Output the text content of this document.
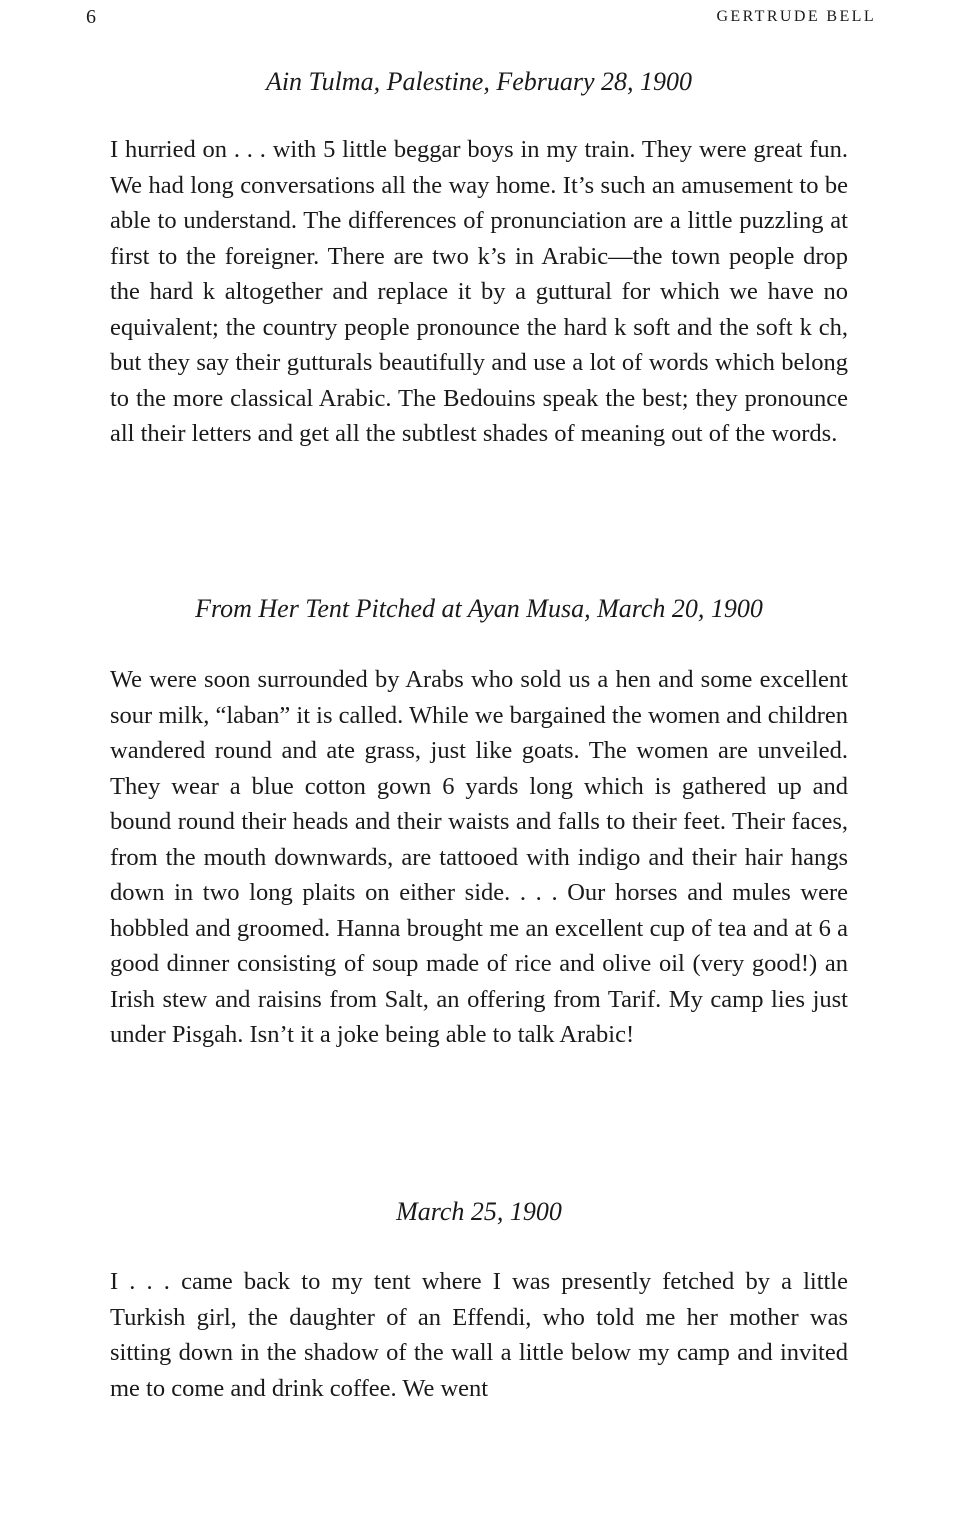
6	GERTRUDE BELL
Ain Tulma, Palestine, February 28, 1900

I hurried on . . . with 5 little beggar boys in my train. They were great fun. We had long conversations all the way home. It’s such an amusement to be able to understand. The differences of pronunciation are a little puzzling at first to the foreigner. There are two k’s in Arabic—the town people drop the hard k altogether and replace it by a guttural for which we have no equivalent; the country people pronounce the hard k soft and the soft k ch, but they say their gutturals beautifully and use a lot of words which belong to the more classical Arabic. The Bedouins speak the best; they pronounce all their letters and get all the subtlest shades of meaning out of the words.

From Her Tent Pitched at Ayan Musa, March 20, 1900

We were soon surrounded by Arabs who sold us a hen and some excellent sour milk, “laban” it is called. While we bargained the women and children wandered round and ate grass, just like goats. The women are unveiled. They wear a blue cotton gown 6 yards long which is gathered up and bound round their heads and their waists and falls to their feet. Their faces, from the mouth downwards, are tattooed with indigo and their hair hangs down in two long plaits on either side. . . . Our horses and mules were hobbled and groomed. Hanna brought me an excellent cup of tea and at 6 a good dinner consisting of soup made of rice and olive oil (very good!) an Irish stew and raisins from Salt, an offering from Tarif. My camp lies just under Pisgah. Isn’t it a joke being able to talk Arabic!

March 25, 1900

I . . . came back to my tent where I was presently fetched by a little Turkish girl, the daughter of an Effendi, who told me her mother was sitting down in the shadow of the wall a little below my camp and invited me to come and drink coffee. We went
